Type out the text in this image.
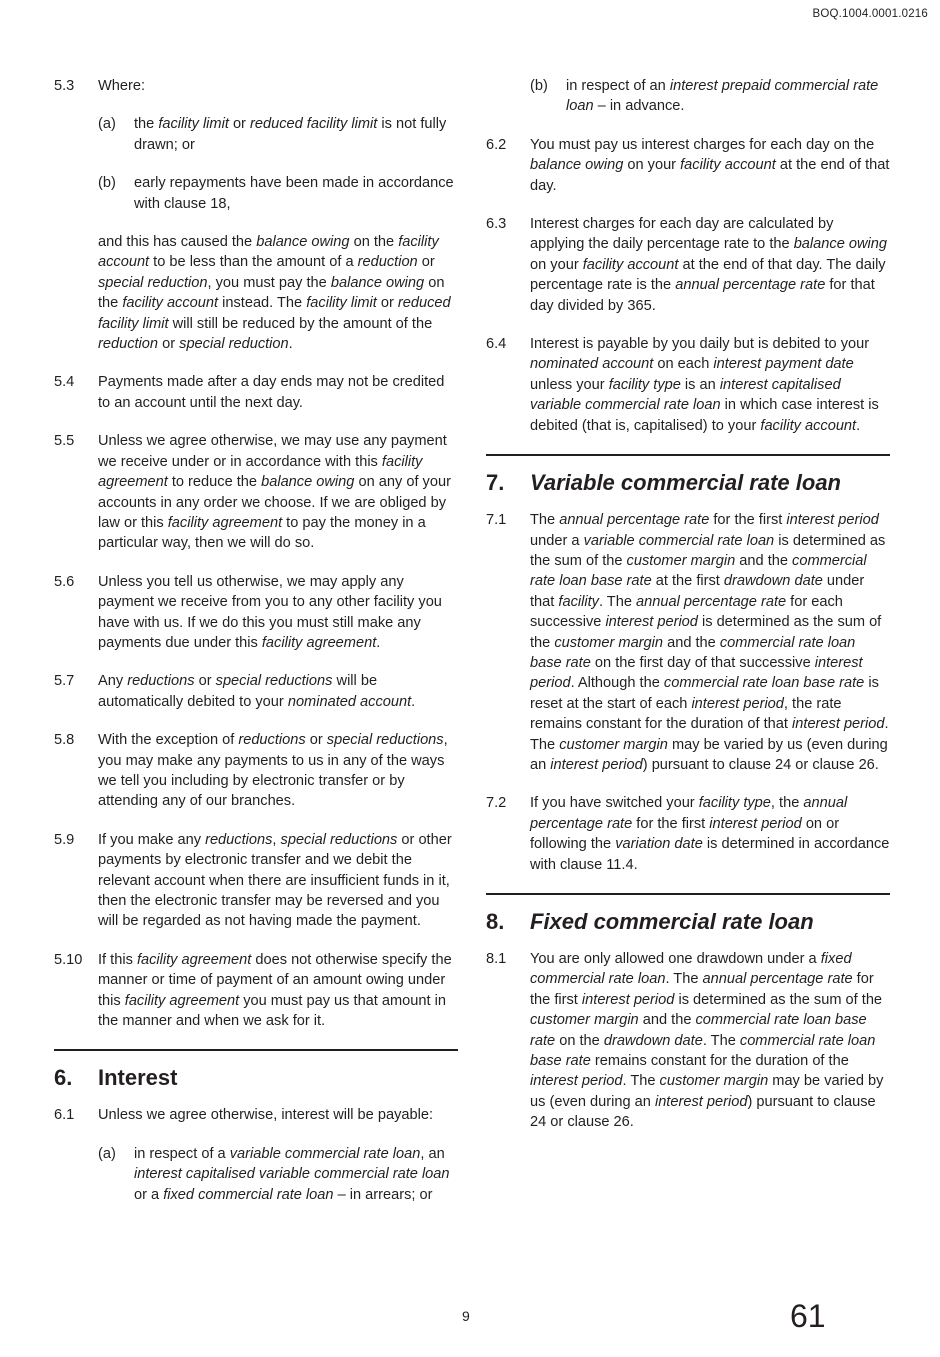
BOQ.1004.0001.0216
5.3 Where:
(a) the facility limit or reduced facility limit is not fully drawn; or
(b) early repayments have been made in accordance with clause 18,
and this has caused the balance owing on the facility account to be less than the amount of a reduction or special reduction, you must pay the balance owing on the facility account instead. The facility limit or reduced facility limit will still be reduced by the amount of the reduction or special reduction.
5.4 Payments made after a day ends may not be credited to an account until the next day.
5.5 Unless we agree otherwise, we may use any payment we receive under or in accordance with this facility agreement to reduce the balance owing on any of your accounts in any order we choose. If we are obliged by law or this facility agreement to pay the money in a particular way, then we will do so.
5.6 Unless you tell us otherwise, we may apply any payment we receive from you to any other facility you have with us. If we do this you must still make any payments due under this facility agreement.
5.7 Any reductions or special reductions will be automatically debited to your nominated account.
5.8 With the exception of reductions or special reductions, you may make any payments to us in any of the ways we tell you including by electronic transfer or by attending any of our branches.
5.9 If you make any reductions, special reductions or other payments by electronic transfer and we debit the relevant account when there are insufficient funds in it, then the electronic transfer may be reversed and you will be regarded as not having made the payment.
5.10 If this facility agreement does not otherwise specify the manner or time of payment of an amount owing under this facility agreement you must pay us that amount in the manner and when we ask for it.
6. Interest
6.1 Unless we agree otherwise, interest will be payable:
(a) in respect of a variable commercial rate loan, an interest capitalised variable commercial rate loan or a fixed commercial rate loan – in arrears; or
(b) in respect of an interest prepaid commercial rate loan – in advance.
6.2 You must pay us interest charges for each day on the balance owing on your facility account at the end of that day.
6.3 Interest charges for each day are calculated by applying the daily percentage rate to the balance owing on your facility account at the end of that day. The daily percentage rate is the annual percentage rate for that day divided by 365.
6.4 Interest is payable by you daily but is debited to your nominated account on each interest payment date unless your facility type is an interest capitalised variable commercial rate loan in which case interest is debited (that is, capitalised) to your facility account.
7. Variable commercial rate loan
7.1 The annual percentage rate for the first interest period under a variable commercial rate loan is determined as the sum of the customer margin and the commercial rate loan base rate at the first drawdown date under that facility. The annual percentage rate for each successive interest period is determined as the sum of the customer margin and the commercial rate loan base rate on the first day of that successive interest period. Although the commercial rate loan base rate is reset at the start of each interest period, the rate remains constant for the duration of that interest period. The customer margin may be varied by us (even during an interest period) pursuant to clause 24 or clause 26.
7.2 If you have switched your facility type, the annual percentage rate for the first interest period on or following the variation date is determined in accordance with clause 11.4.
8. Fixed commercial rate loan
8.1 You are only allowed one drawdown under a fixed commercial rate loan. The annual percentage rate for the first interest period is determined as the sum of the customer margin and the commercial rate loan base rate on the drawdown date. The commercial rate loan base rate remains constant for the duration of the interest period. The customer margin may be varied by us (even during an interest period) pursuant to clause 24 or clause 26.
9	61
